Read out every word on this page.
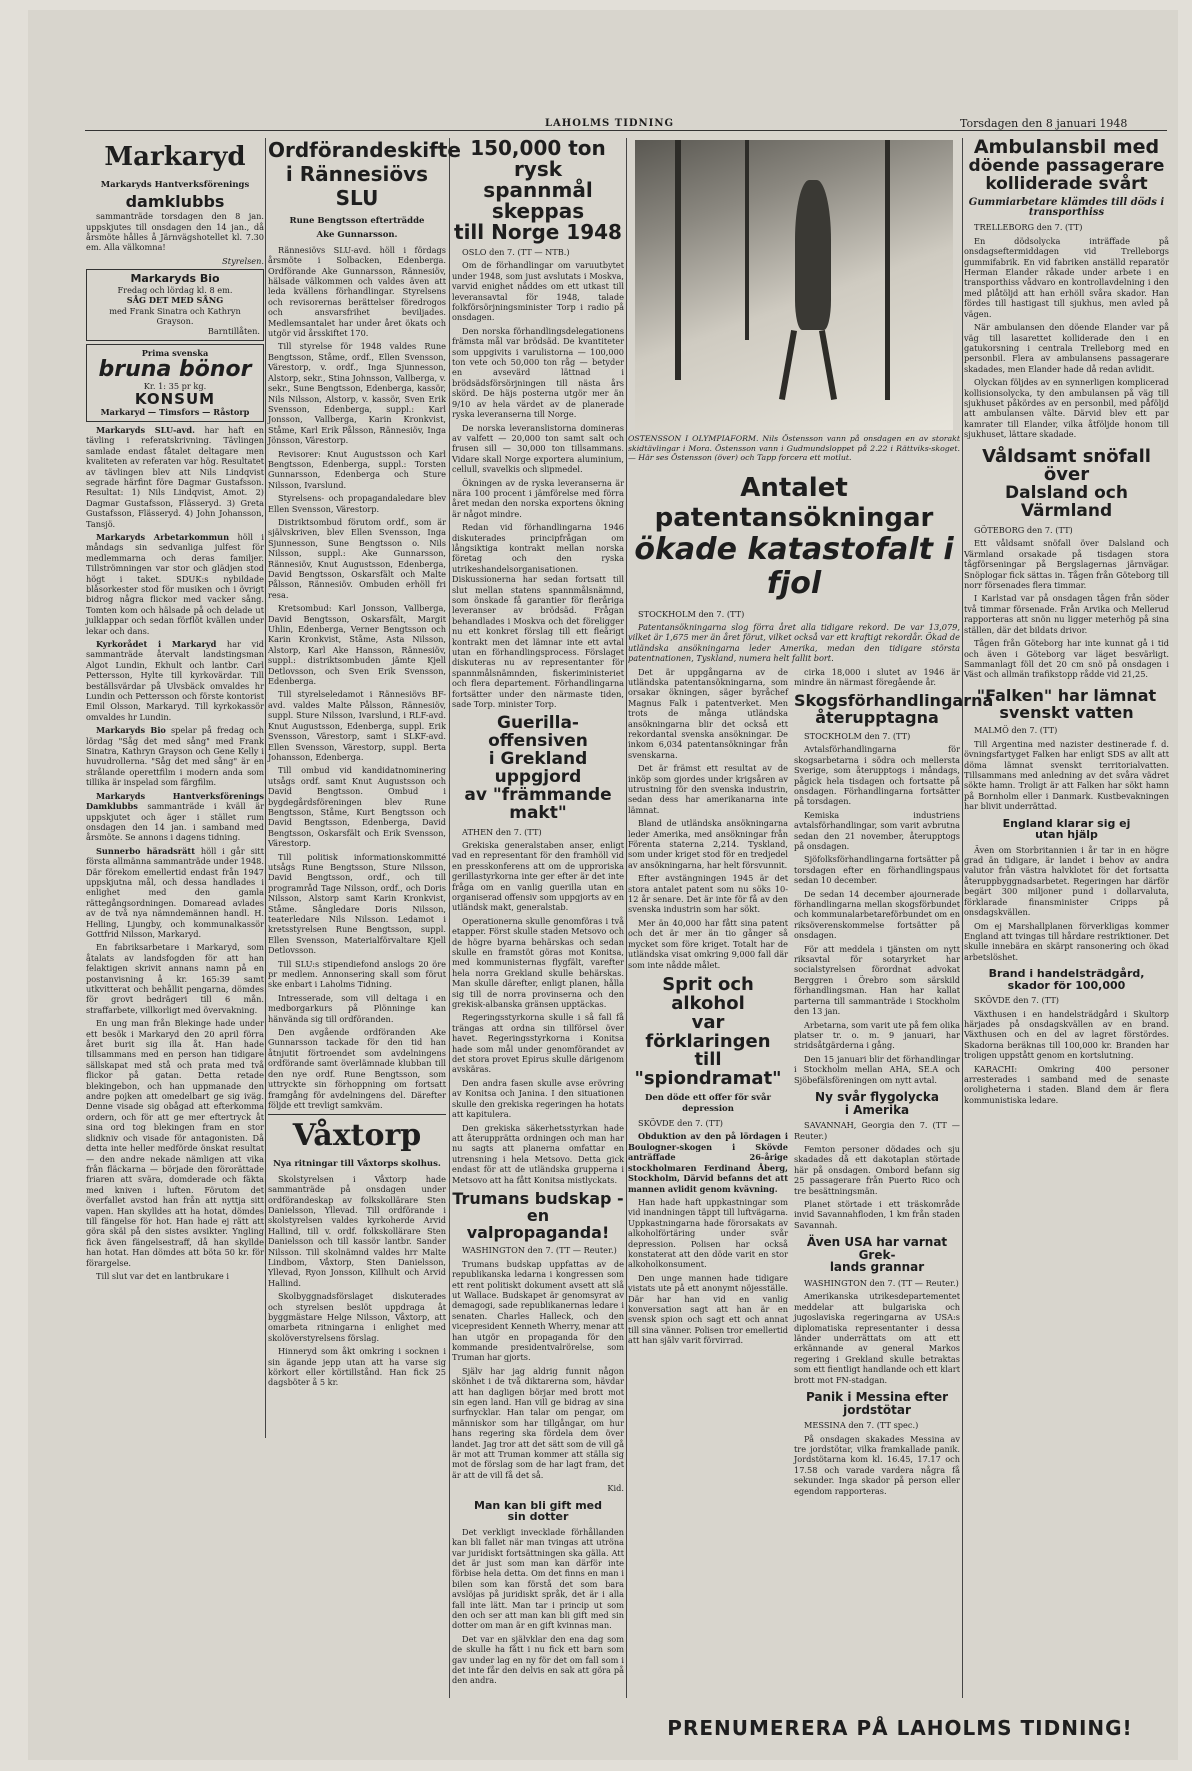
LAHOLMS TIDNING	Torsdagen den 8 januari 1948
Markaryd
Markaryds Hantverksförenings
damklubbs

sammanträde torsdagen den 8 jan. uppskjutes till onsdagen den 14 jan., då årsmöte hålles å Järnvägshotellet kl. 7.30 em. Alla välkomna!

Styrelsen.
Markaryds Bio
Fredag och lördag kl. 8 em.
SÅG DET MED SÅNG
med Frank Sinatra och Kathryn Grayson.
Barntillåten.
Prima svenska
bruna bönor
Kr. 1: 35 pr kg.
KONSUM
Markaryd — Timsfors — Råstorp

Markaryds SLU-avd. har haft en tävling i referatskrivning. Tävlingen samlade endast fåtalet deltagare men kvaliteten av referaten var hög. Resultatet av tävlingen blev att Nils Lindqvist segrade härfint före Dagmar Gustafsson. Resultat: 1) Nils Lindqvist, Amot. 2) Dagmar Gustafsson, Flässeryd. 3) Greta Gustafsson, Flässeryd. 4) John Johansson, Tansjö.

Markaryds Arbetarkommun höll i måndags sin sedvanliga julfest för medlemmarna och deras familjer. Tillströmningen var stor och glädjen stod högt i taket. SDUK:s nybildade blåsorkester stod för musiken och i övrigt bidrog några flickor med vacker sång. Tomten kom och hälsade på och delade ut julklappar och sedan förflöt kvällen under lekar och dans.

Kyrkorådet i Markaryd har vid sammanträde återvalt landstingsman Algot Lundin, Ekhult och lantbr. Carl Pettersson, Hylte till kyrkovärdar. Till beställsvärdar på Ulvsbäck omvaldes hr Lundin och Pettersson och förste kontorist Emil Olsson, Markaryd. Till kyrkokassör omvaldes hr Lundin.

Markaryds Bio spelar på fredag och lördag "Såg det med sång" med Frank Sinatra, Kathryn Grayson och Gene Kelly i huvudrollerna. "Såg det med sång" är en strålande operettfilm i modern anda som tillika är inspelad som färgfilm.

Markaryds Hantverksförenings Damklubbs sammanträde i kväll är uppskjutet och äger i stället rum onsdagen den 14 jan. i samband med årsmöte. Se annons i dagens tidning.

Sunnerbo häradsrätt höll i går sitt första allmänna sammanträde under 1948. Där förekom emellertid endast från 1947 uppskjutna mål, och dessa handlades i enlighet med den gamla rättegångsordningen. Domaread avlades av de två nya nämndemännen handl. H. Helling, Ljungby, och kommunalkassör Gottfrid Nilsson, Markaryd.

En fabriksarbetare i Markaryd, som åtalats av landsfogden för att han felaktigen skrivit annans namn på en postanvisning å kr. 165:39 samt utkvitterat och behållit pengarna, dömdes för grovt bedrägeri till 6 mån. straffarbete, villkorligt med övervakning.

En ung man från Blekinge hade under ett besök i Markaryd den 20 april förra året burit sig illa åt. Han hade tillsammans med en person han tidigare sällskapat med stå och prata med två flickor på gatan. Detta retade blekingebon, och han uppmanade den andre pojken att omedelbart ge sig iväg. Denne visade sig obågad att efterkomma ordern, och för att ge mer eftertryck åt sina ord tog blekingen fram en stor slidkniv och visade för antagonisten. Då detta inte heller medförde önskat resultat — den andre nekade nämligen att vika från fläckarna — började den förorättade friaren att svära, domderade och fäkta med kniven i luften. Förutom det överfallet avstod han från att nyttja sitt vapen. Han skylldes att ha hotat, dömdes till fängelse för hot. Han hade ej rätt att göra skäl på den sistes avsikter. Yngling fick även fängelsestraff, då han skyllde han hotat. Han dömdes att böta 50 kr. för förargelse.

Till slut var det en lantbrukare i

Ordförandeskifte
i Rännesiövs SLU
Rune Bengtsson efterträdde
Ake Gunnarsson.

Rännesiövs SLU-avd. höll i fördags årsmöte i Solbacken, Edenberga. Ordförande Ake Gunnarsson, Rännesiöv, hälsade välkommen och valdes även att leda kvällens förhandlingar. Styrelsens och revisorernas berättelser föredrogos och ansvarsfrihet beviljades. Medlemsantalet har under året ökats och utgör vid årsskiftet 170.

Till styrelse för 1948 valdes Rune Bengtsson, Ståme, ordf., Ellen Svensson, Värestorp, v. ordf., Inga Sjunnesson, Alstorp, sekr., Stina Johnsson, Vallberga, v. sekr., Sune Bengtsson, Edenberga, kassör, Nils Nilsson, Alstorp, v. kassör, Sven Erik Svensson, Edenberga, suppl.: Karl Jonsson, Vallberga, Karin Kronkvist, Ståme, Karl Erik Pålsson, Rännesiöv, Inga Jönsson, Värestorp.

Revisorer: Knut Augustsson och Karl Bengtsson, Edenberga, suppl.: Torsten Gunnarsson, Edenberga och Sture Nilsson, Ivarslund.

Styrelsens- och propagandaledare blev Ellen Svensson, Värestorp.

Distriktsombud förutom ordf., som är självskriven, blev Ellen Svensson, Inga Sjunnesson, Sune Bengtsson o. Nils Nilsson, suppl.: Ake Gunnarsson, Rännesiöv, Knut Augustsson, Edenberga, David Bengtsson, Oskarsfält och Malte Pålsson, Rännesiöv. Ombuden erhöll fri resa.

Kretsombud: Karl Jonsson, Vallberga, David Bengtsson, Oskarsfält, Margit Uhlin, Edenberga, Verner Bengtsson och Karin Kronkvist, Ståme, Asta Nilsson, Alstorp, Karl Ake Hansson, Rännesiöv, suppl.: distriktsombuden jämte Kjell Detlovsson, och Sven Erik Svensson, Edenberga.

Till styrelseledamot i Rännesiövs BF-avd. valdes Malte Pålsson, Rännesiöv, suppl. Sture Nilsson, Ivarslund, i RLF-avd. Knut Augustsson, Edenberga, suppl. Erik Svensson, Värestorp, samt i SLKF-avd. Ellen Svensson, Värestorp, suppl. Berta Johansson, Edenberga.

Till ombud vid kandidatnominering utsågs ordf. samt Knut Augustsson och David Bengtsson. Ombud i bygdegårdsföreningen blev Rune Bengtsson, Ståme, Kurt Bengtsson och David Bengtsson, Edenberga, David Bengtsson, Oskarsfält och Erik Svensson, Värestorp.

Till politisk informationskommitté utsågs Rune Bengtsson, Sture Nilsson, David Bengtsson, ordf., och till programråd Tage Nilsson, ordf., och Doris Nilsson, Alstorp samt Karin Kronkvist, Ståme. Sångledare Doris Nilsson, teaterledare Nils Nilsson. Ledamot i kretsstyrelsen Rune Bengtsson, suppl. Ellen Svensson, Materialförvaltare Kjell Detlovsson.

Till SLU:s stipendiefond anslogs 20 öre pr medlem. Annonsering skall som förut ske enbart i Laholms Tidning.

Intresserade, som vill deltaga i en medborgarkurs på Plönninge kan hänvända sig till ordföranden.

Den avgående ordföranden Ake Gunnarsson tackade för den tid han åtnjutit förtroendet som avdelningens ordförande samt överlämnade klubban till den nye ordf. Rune Bengtsson, som uttryckte sin förhoppning om fortsatt framgång för avdelningens del. Därefter följde ett trevligt samkväm.

Våxtorp
Nya ritningar till Våxtorps skolhus.

Skolstyrelsen i Våxtorp hade sammanträde på onsdagen under ordförandeskap av folkskollärare Sten Danielsson, Yllevad. Till ordförande i skolstyrelsen valdes kyrkoherde Arvid Hallind, till v. ordf. folkskollärare Sten Danielsson och till kassör lantbr. Sander Nilsson. Till skolnämnd valdes hrr Malte Lindbom, Våxtorp, Sten Danielsson, Yllevad, Ryon Jonsson, Killhult och Arvid Hallind.

Skolbyggnadsförslaget diskuterades och styrelsen beslöt uppdraga åt byggmästare Helge Nilsson, Våxtorp, att omarbeta ritningarna i enlighet med skolöverstyrelsens förslag.

Hinneryd som åkt omkring i socknen i sin ägande jepp utan att ha varse sig körkort eller körtillstånd. Han fick 25 dagsböter å 5 kr.

150,000 ton rysk
spannmål skeppas
till Norge 1948

OSLO den 7. (TT — NTB.)

Om de förhandlingar om varuutbytet under 1948, som just avslutats i Moskva, varvid enighet nåddes om ett utkast till leveransavtal för 1948, talade folkförsörjningsminister Torp i radio på onsdagen.

Den norska förhandlingsdelegationens främsta mål var brödsäd. De kvantiteter som uppgivits i varulistorna — 100,000 ton vete och 50,000 ton råg — betyder en avsevärd lättnad i brödsädsförsörjningen till nästa års skörd. De häjs posterna utgör mer än 9/10 av hela värdet av de planerade ryska leveranserna till Norge.

De norska leveranslistorna domineras av valfett — 20,000 ton samt salt och frusen sill — 30,000 ton tillsammans. Vidare skall Norge exportera aluminium, cellull, svavelkis och slipmedel.

Ökningen av de ryska leveranserna är nära 100 procent i jämförelse med förra året medan den norska exportens ökning är något mindre.

Redan vid förhandlingarna 1946 diskuterades principfrågan om långsiktiga kontrakt mellan norska företag och den ryska utrikeshandelsorganisationen. Diskussionerna har sedan fortsatt till slut mellan statens spannmålsnämnd, som önskade få garantier för fleråriga leveranser av brödsäd. Frågan behandlades i Moskva och det föreligger nu ett konkret förslag till ett fleårigt kontrakt men det lämnar inte ett avtal utan en förhandlingsprocess. Förslaget diskuteras nu av representanter för spannmålsnämnden, fiskeriministeriet och flera departement. Förhandlingarna fortsätter under den närmaste tiden, sade Torp. minister Torp.

Guerilla-offensiven
i Grekland uppgjord
av "främmande makt"

ATHEN den 7. (TT)

Grekiska generalstaben anser, enligt vad en representant för den framhöll vid en presskonferens att om de upproriska gerillastyrkorna inte ger efter är det inte fråga om en vanlig guerilla utan en organiserad offensiv som uppgjorts av en utländsk makt, generalstab.

Operationerna skulle genomföras i två etapper. Först skulle staden Metsovo och de högre byarna behärskas och sedan skulle en framstöt göras mot Konitsa, med kommunisternas flygfält, varefter hela norra Grekland skulle behärskas. Man skulle därefter, enligt planen, hålla sig till de norra provinserna och den grekisk-albanska gränsen upptäckas.

Regeringsstyrkorna skulle i så fall få trängas att ordna sin tillförsel över havet. Regeringsstyrkorna i Konitsa hade som mål under genomförandet av det stora provet Epirus skulle därigenom avskäras.

Den andra fasen skulle avse erövring av Konitsa och Janina. I den situationen skulle den grekiska regeringen ha hotats att kapitulera.

Den grekiska säkerhetsstyrkan hade att återupprätta ordningen och man har nu sagts att planerna omfattar en utrensning i hela Metsovo. Detta gick endast för att de utländska grupperna i Metsovo att ha fått Konitsa mistlyckats.

Trumans budskap - en
valpropaganda!

WASHINGTON den 7. (TT — Reuter.)

Trumans budskap uppfattas av de republikanska ledarna i kongressen som ett rent politiskt dokument avsett att slå ut Wallace. Budskapet är genomsyrat av demagogi, sade republikanernas ledare i senaten. Charles Halleck, och den vicepresident Kenneth Wherry, menar att han utgör en propaganda för den kommande presidentvalrörelse, som Truman har gjorts.

Själv har jag aldrig funnit någon skönhet i de två diktarerna som, hävdar att han dagligen börjar med brott mot sin egen land. Han vill ge bidrag av sina surfnycklar. Han talar om pengar, om människor som har tillgångar, om hur hans regering ska fördela dem över landet. Jag tror att det sätt som de vill gå är mot att Truman kommer att ställa sig mot de förslag som de har lagt fram, det är att de vill få det så.

Kid.
Man kan bli gift med
sin dotter

Det verkligt invecklade förhållanden kan bli fallet när man tvingas att utröna var juridiskt fortsättningen ska gälla. Att det är just som man kan därför inte förbise hela detta. Om det finns en man i bilen som kan förstå det som bara avslöjas på juridiskt språk, det är i alla fall inte lätt. Man tar i princip ut som den och ser att man kan bli gift med sin dotter om man är en gift kvinnas man.

Det var en självklar den ena dag som de skulle ha fått i nu fick ett barn som gav under lag en ny för det om fall som i det inte får den delvis en sak att göra på den andra.

OSTENSSON I OLYMPIAFORM. Nils Östensson vann på onsdagen en av storakt skidtävlingar i Mora. Östensson vann i Gudmundsloppet på 2.22 i Rättviks-skoget. — Här ses Östensson (över) och Tapp forcera ett motlut.

Antalet patentansökningar
ökade katastofalt i fjol

STOCKHOLM den 7. (TT)

Patentansökningarna slog förra året alla tidigare rekord. De var 13,079, vilket är 1,675 mer än året förut, vilket också var ett kraftigt rekordår. Ökad de utländska ansökningarna leder Amerika, medan den tidigare största patentnationen, Tyskland, numera helt fallit bort.

Det är uppgångarna av de utländska patentansökningarna, som orsakar ökningen, säger byråchef Magnus Falk i patentverket. Men trots de många utländska ansökningarna blir det också ett rekordantal svenska ansökningar. De inkom 6,034 patentansökningar från svenskarna.

Det är främst ett resultat av de inköp som gjordes under krigsåren av utrustning för den svenska industrin, sedan dess har amerikanarna inte lämnat.

Bland de utländska ansökningarna leder Amerika, med ansökningar från Förenta staterna 2,214. Tyskland, som under kriget stod för en tredjedel av ansökningarna, har helt försvunnit.

Efter avstängningen 1945 är det stora antalet patent som nu söks 10-12 år senare. Det är inte för få av den svenska industrin som har sökt.

Mer än 40,000 har fått sina patent och det är mer än tio gånger så mycket som före kriget. Totalt har de utländska visat omkring 9,000 fall där som inte nådde målet.

Sprit och alkohol
var förklaringen
till "spiondramat"
Den döde ett offer för svår depression

SKÖVDE den 7. (TT)

Obduktion av den på lördagen i Boulogner-skogen i Skövde anträffade 26-årige stockholmaren Ferdinand Åberg, Stockholm, Därvid befanns det att mannen avlidit genom kvävning.

Han hade haft uppkastningar som vid inandningen täppt till luftvägarna. Uppkastningarna hade förorsakats av alkoholförtäring under svår depression. Polisen har också konstaterat att den döde varit en stor alkoholkonsument.

Den unge mannen hade tidigare vistats ute på ett anonymt nöjesställe. Där har han vid en vanlig konversation sagt att han är en svensk spion och sagt ett och annat till sina vänner. Polisen tror emellertid att han själv varit förvirrad.

cirka 18,000 i slutet av 1946 är mindre än närmast föregående år.

Skogsförhandlingarna
återupptagna

STOCKHOLM den 7. (TT)

Avtalsförhandlingarna för skogsarbetarna i södra och mellersta Sverige, som återupptogs i måndags, pågick hela tisdagen och fortsatte på onsdagen. Förhandlingarna fortsätter på torsdagen.

Kemiska industriens avtalsförhandlingar, som varit avbrutna sedan den 21 november, återupptogs på onsdagen.

Sjöfolksförhandlingarna fortsätter på torsdagen efter en förhandlingspaus sedan 10 december.

De sedan 14 december ajournerade förhandlingarna mellan skogsförbundet och kommunalarbetareförbundet om en riksöverenskommelse fortsätter på onsdagen.

För att meddela i tjänsten om nytt riksavtal för sotaryrket har socialstyrelsen förordnat advokat Berggren i Örebro som särskild förhandlingsman. Han har kallat parterna till sammanträde i Stockholm den 13 jan.

Arbetarna, som varit ute på fem olika platser tr. o. m. 9 januari, har stridsåtgärderna i gång.

Den 15 januari blir det förhandlingar i Stockholm mellan AHA, SE.A och Sjöbefälsföreningen om nytt avtal.

Ny svår flygolycka
i Amerika

SAVANNAH, Georgia den 7. (TT — Reuter.)

Femton personer dödades och sju skadades då ett dakotaplan störtade här på onsdagen. Ombord befann sig 25 passagerare från Puerto Rico och tre besättningsmän.

Planet störtade i ett träskområde invid Savannahfloden, 1 km från staden Savannah.

Även USA har varnat Grek-
lands grannar

WASHINGTON den 7. (TT — Reuter.)

Amerikanska utrikesdepartementet meddelar att bulgariska och jugoslaviska regeringarna av USA:s diplomatiska representanter i dessa länder underrättats om att ett erkännande av general Markos regering i Grekland skulle betraktas som ett fientligt handlande och ett klart brott mot FN-stadgan.

Panik i Messina efter
jordstötar

MESSINA den 7. (TT spec.)

På onsdagen skakades Messina av tre jordstötar, vilka framkallade panik. Jordstötarna kom kl. 16.45, 17.17 och 17.58 och varade vardera några få sekunder. Inga skador på person eller egendom rapporteras.

Ambulansbil med
döende passagerare
kolliderade svårt
Gummiarbetare klämdes till döds i transporthiss

TRELLEBORG den 7. (TT)

En dödsolycka inträffade på onsdagseftermiddagen vid Trelleborgs gummifabrik. En vid fabriken anställd reparatör Herman Elander råkade under arbete i en transporthiss vådvaro en kontrollavdelning i den med plåtöljd att han erhöll svåra skador. Han fördes till hastigast till sjukhus, men avled på vägen.

När ambulansen den döende Elander var på väg till lasarettet kolliderade den i en gatukorsning i centrala Trelleborg med en personbil. Flera av ambulansens passagerare skadades, men Elander hade då redan avlidit.

Olyckan följdes av en synnerligen komplicerad kollisionsolycka, ty den ambulansen på väg till sjukhuset påkördes av en personbil, med påföljd att ambulansen välte. Därvid blev ett par kamrater till Elander, vilka åtföljde honom till sjukhuset, lättare skadade.

Våldsamt snöfall över
Dalsland och Värmland

GÖTEBORG den 7. (TT)

Ett våldsamt snöfall över Dalsland och Värmland orsakade på tisdagen stora tågförseningar på Bergslagernas järnvägar. Snöplogar fick sättas in. Tågen från Göteborg till norr försenades flera timmar.

I Karlstad var på onsdagen tågen från söder två timmar försenade. Från Arvika och Mellerud rapporteras att snön nu ligger meterhög på sina ställen, där det bildats drivor.

Tågen från Göteborg har inte kunnat gå i tid och även i Göteborg var läget besvärligt. Sammanlagt föll det 20 cm snö på onsdagen i Väst och allmän trafikstopp rådde vid 21,25.

"Falken" har lämnat
svenskt vatten

MALMÖ den 7. (TT)

Till Argentina med nazister destinerade f. d. övningsfartyget Falken har enligt SDS av allt att döma lämnat svenskt territorialvatten. Tillsammans med anledning av det svåra vädret sökte hamn. Troligt är att Falken har sökt hamn på Bornholm eller i Danmark. Kustbevakningen har blivit underrättad.

England klarar sig ej
utan hjälp

Även om Storbritannien i år tar in en högre grad än tidigare, är landet i behov av andra valutor från västra halvklotet för det fortsatta återuppbyggnadsarbetet. Regeringen har därför begärt 300 miljoner pund i dollarvaluta, förklarade finansminister Cripps på onsdagskvällen.

Om ej Marshallplanen förverkligas kommer England att tvingas till hårdare restriktioner. Det skulle innebära en skärpt ransonering och ökad arbetslöshet.

Brand i handelsträdgård,
skador för 100,000

SKÖVDE den 7. (TT)

Växthusen i en handelsträdgård i Skultorp härjades på onsdagskvällen av en brand. Växthusen och en del av lagret förstördes. Skadorna beräknas till 100,000 kr. Branden har troligen uppstått genom en kortslutning.

KARACHI: Omkring 400 personer arresterades i samband med de senaste oroligheterna i staden. Bland dem är flera kommunistiska ledare.

PRENUMERERA PÅ LAHOLMS TIDNING!
